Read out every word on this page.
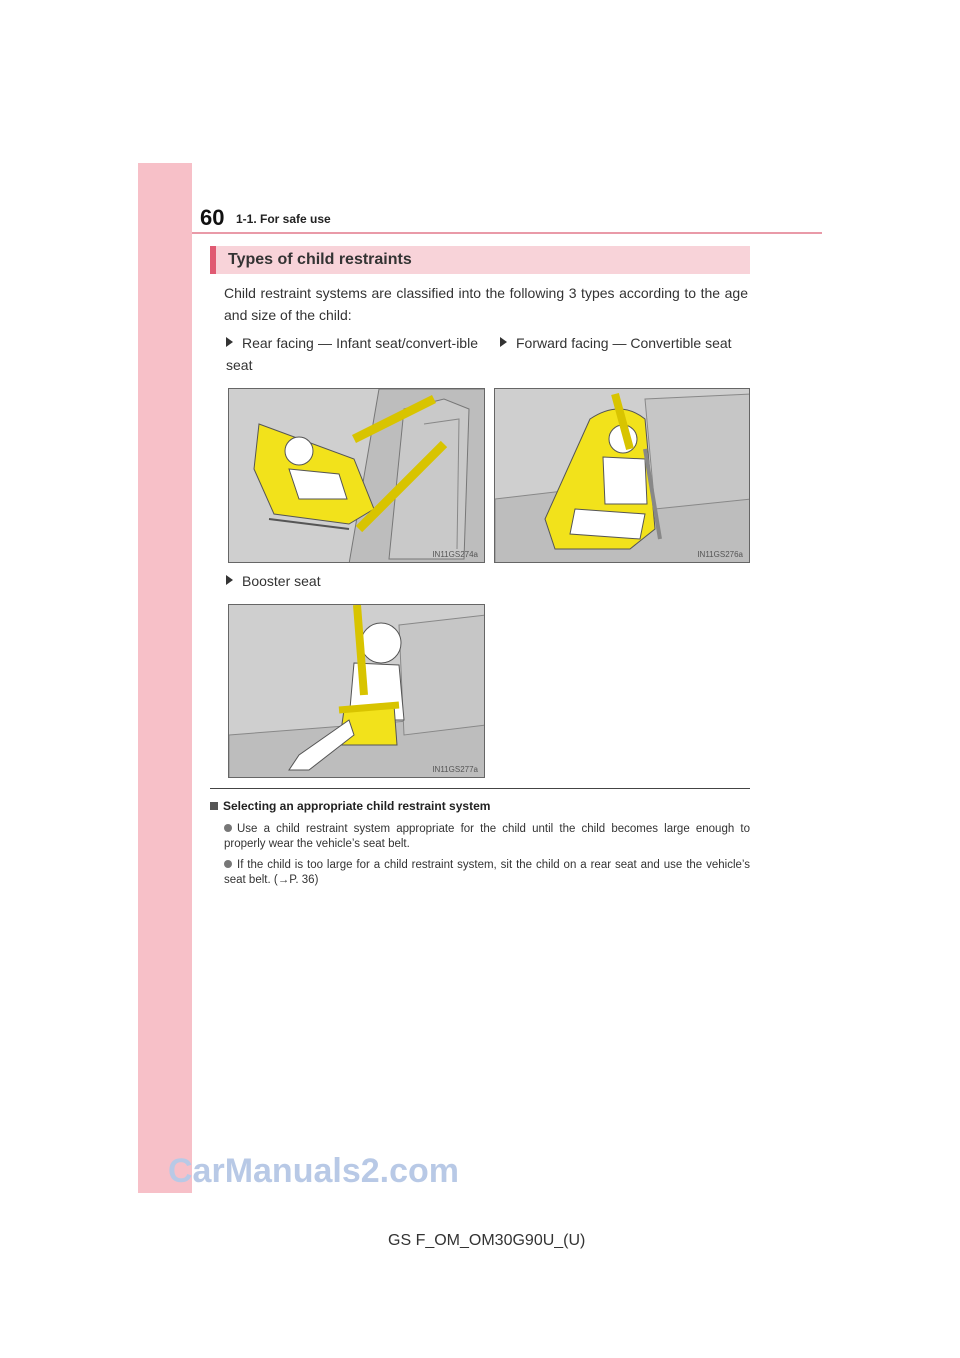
60 1-1. For safe use
Types of child restraints
Child restraint systems are classified into the following 3 types according to the age and size of the child:
Rear facing — Infant seat/convert-ible seat
Forward facing — Convertible seat
IN11GS274a	IN11GS276a
Booster seat
IN11GS277a
Selecting an appropriate child restraint system
Use a child restraint system appropriate for the child until the child becomes large enough to properly wear the vehicle’s seat belt.
If the child is too large for a child restraint system, sit the child on a rear seat and use the vehicle’s seat belt. (→P. 36)
CarManuals2.com
GS F_OM_OM30G90U_(U)
